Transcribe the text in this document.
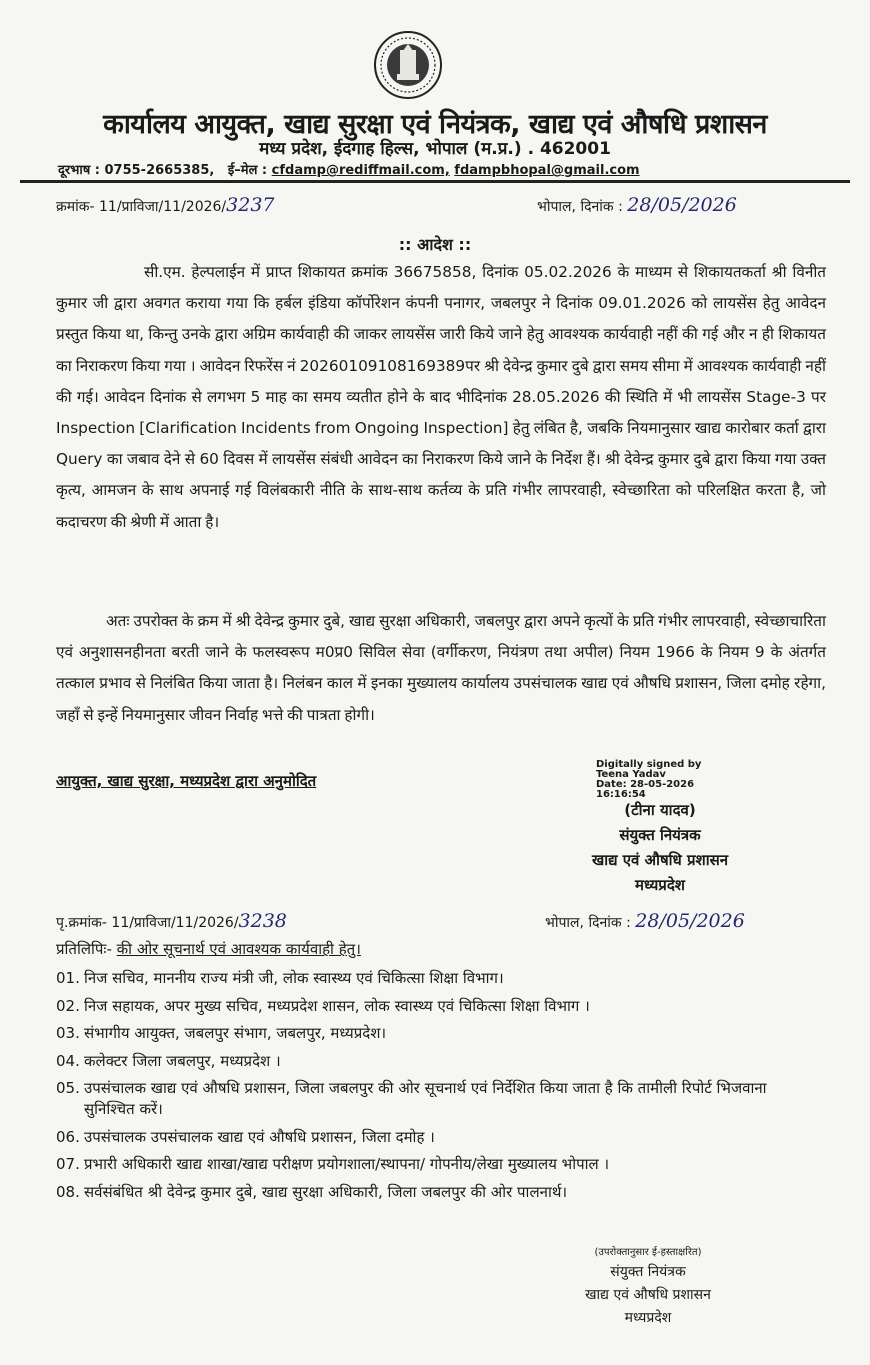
कार्यालय आयुक्त, खाद्य सुरक्षा एवं नियंत्रक, खाद्य एवं औषधि प्रशासन
मध्य प्रदेश, ईदगाह हिल्स, भोपाल (म.प्र.) . 462001
दूरभाष : 0755-2665385, ई–मेल : cfdamp@rediffmail.com, fdampbhopal@gmail.com
क्रमांक- 11/प्राविजा/11/2026/3237	भोपाल, दिनांक : 28/05/2026
:: आदेश ::
सी.एम. हेल्पलाईन में प्राप्त शिकायत क्रमांक 36675858, दिनांक 05.02.2026 के माध्यम से शिकायतकर्ता श्री विनीत कुमार जी द्वारा अवगत कराया गया कि हर्बल इंडिया कॉर्पोरेशन कंपनी पनागर, जबलपुर ने दिनांक 09.01.2026 को लायसेंस हेतु आवेदन प्रस्तुत किया था, किन्तु उनके द्वारा अग्रिम कार्यवाही की जाकर लायसेंस जारी किये जाने हेतु आवश्यक कार्यवाही नहीं की गई और न ही शिकायत का निराकरण किया गया । आवेदन रिफरेंस नं 20260109108169389पर श्री देवेन्द्र कुमार दुबे द्वारा समय सीमा में आवश्यक कार्यवाही नहीं की गई। आवेदन दिनांक से लगभग 5 माह का समय व्यतीत होने के बाद भीदिनांक 28.05.2026 की स्थिति में भी लायसेंस Stage-3 पर Inspection [Clarification Incidents from Ongoing Inspection] हेतु लंबित है, जबकि नियमानुसार खाद्य कारोबार कर्ता द्वारा Query का जबाव देने से 60 दिवस में लायसेंस संबंधी आवेदन का निराकरण किये जाने के निर्देश हैं। श्री देवेन्द्र कुमार दुबे द्वारा किया गया उक्त कृत्य, आमजन के साथ अपनाई गई विलंबकारी नीति के साथ-साथ कर्तव्य के प्रति गंभीर लापरवाही, स्वेच्छारिता को परिलक्षित करता है, जो कदाचरण की श्रेणी में आता है।
अतः उपरोक्त के क्रम में श्री देवेन्द्र कुमार दुबे, खाद्य सुरक्षा अधिकारी, जबलपुर द्वारा अपने कृत्यों के प्रति गंभीर लापरवाही, स्वेच्छाचारिता एवं अनुशासनहीनता बरती जाने के फलस्वरूप म0प्र0 सिविल सेवा (वर्गीकरण, नियंत्रण तथा अपील) नियम 1966 के नियम 9 के अंतर्गत तत्काल प्रभाव से निलंबित किया जाता है। निलंबन काल में इनका मुख्यालय कार्यालय उपसंचालक खाद्य एवं औषधि प्रशासन, जिला दमोह रहेगा, जहाँ से इन्हें नियमानुसार जीवन निर्वाह भत्ते की पात्रता होगी।
आयुक्त, खाद्य सुरक्षा, मध्यप्रदेश द्वारा अनुमोदित
Digitally signed by
Teena Yadav
Date: 28-05-2026
16:16:54
(टीना यादव)
संयुक्त नियंत्रक
खाद्य एवं औषधि प्रशासन
मध्यप्रदेश
पृ.क्रमांक- 11/प्राविजा/11/2026/3238	भोपाल, दिनांक : 28/05/2026
प्रतिलिपिः- की ओर सूचनार्थ एवं आवश्यक कार्यवाही हेतु।
01. निज सचिव, माननीय राज्य मंत्री जी, लोक स्वास्थ्य एवं चिकित्सा शिक्षा विभाग।
02. निज सहायक, अपर मुख्य सचिव, मध्यप्रदेश शासन, लोक स्वास्थ्य एवं चिकित्सा शिक्षा विभाग ।
03. संभागीय आयुक्त, जबलपुर संभाग, जबलपुर, मध्यप्रदेश।
04. कलेक्टर जिला जबलपुर, मध्यप्रदेश ।
05. उपसंचालक खाद्य एवं औषधि प्रशासन, जिला जबलपुर की ओर सूचनार्थ एवं निर्देशित किया जाता है कि तामीली रिपोर्ट भिजवाना सुनिश्चित करें।
06. उपसंचालक उपसंचालक खाद्य एवं औषधि प्रशासन, जिला दमोह ।
07. प्रभारी अधिकारी खाद्य शाखा/खाद्य परीक्षण प्रयोगशाला/स्थापना/ गोपनीय/लेखा मुख्यालय भोपाल ।
08. सर्वसंबंधित श्री देवेन्द्र कुमार दुबे, खाद्य सुरक्षा अधिकारी, जिला जबलपुर की ओर पालनार्थ।
(उपरोक्तानुसार ई-हस्ताक्षरित)
संयुक्त नियंत्रक
खाद्य एवं औषधि प्रशासन
मध्यप्रदेश
